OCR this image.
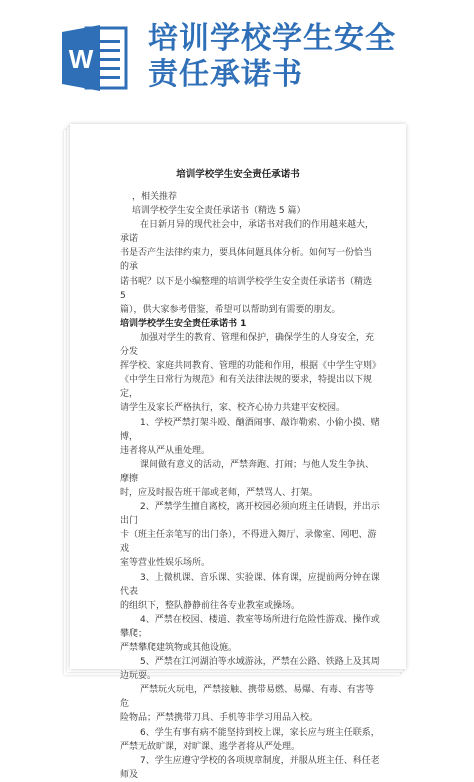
W
培训学校学生安全
责任承诺书
培训学校学生安全责任承诺书

，相关推荐

培训学校学生安全责任承诺书（精选 5 篇）

在日新月异的现代社会中，承诺书对我们的作用越来越大，承诺

书是否产生法律约束力，要具体问题具体分析。如何写一份恰当的承

诺书呢？以下是小编整理的培训学校学生安全责任承诺书（精选 5

篇），供大家参考借鉴，希望可以帮助到有需要的朋友。

培训学校学生安全责任承诺书 1

加强对学生的教育、管理和保护，确保学生的人身安全，充分发

挥学校、家庭共同教育、管理的功能和作用，根据《中学生守则》

《中学生日常行为规范》和有关法律法规的要求，特提出以下规定，

请学生及家长严格执行，家、校齐心协力共建平安校园。

1、学校严禁打架斗殴、酗酒闹事、敲诈勒索、小偷小摸、赌博，

违者将从严从重处理。

课间做有意义的活动，严禁奔跑、打闹；与他人发生争执、摩擦

时，应及时报告班干部或老师，严禁骂人、打架。

2、严禁学生擅自离校，离开校园必须向班主任请假，并出示出门

卡（班主任亲笔写的出门条），不得进入舞厅、录像室、网吧、游戏

室等营业性娱乐场所。

3、上微机课、音乐课、实验课、体育课，应提前两分钟在课代表

的组织下，整队静静前往各专业教室或操场。

4、严禁在校园、楼道、教室等场所进行危险性游戏、操作或攀爬；

严禁攀爬建筑物或其他设施。

5、严禁在江河湖泊等水域游泳，严禁在公路、铁路上及其周边玩耍。

严禁玩火玩电，严禁接触、携带易燃、易爆、有毒、有害等危

险物品；严禁携带刀具、手机等非学习用品入校。

6、学生有事有病不能坚持到校上课，家长应与班主任联系，

严禁无故旷课，对旷课、逃学者将从严处理。

7、学生应遵守学校的各项规章制度，并服从班主任、科任老师及
